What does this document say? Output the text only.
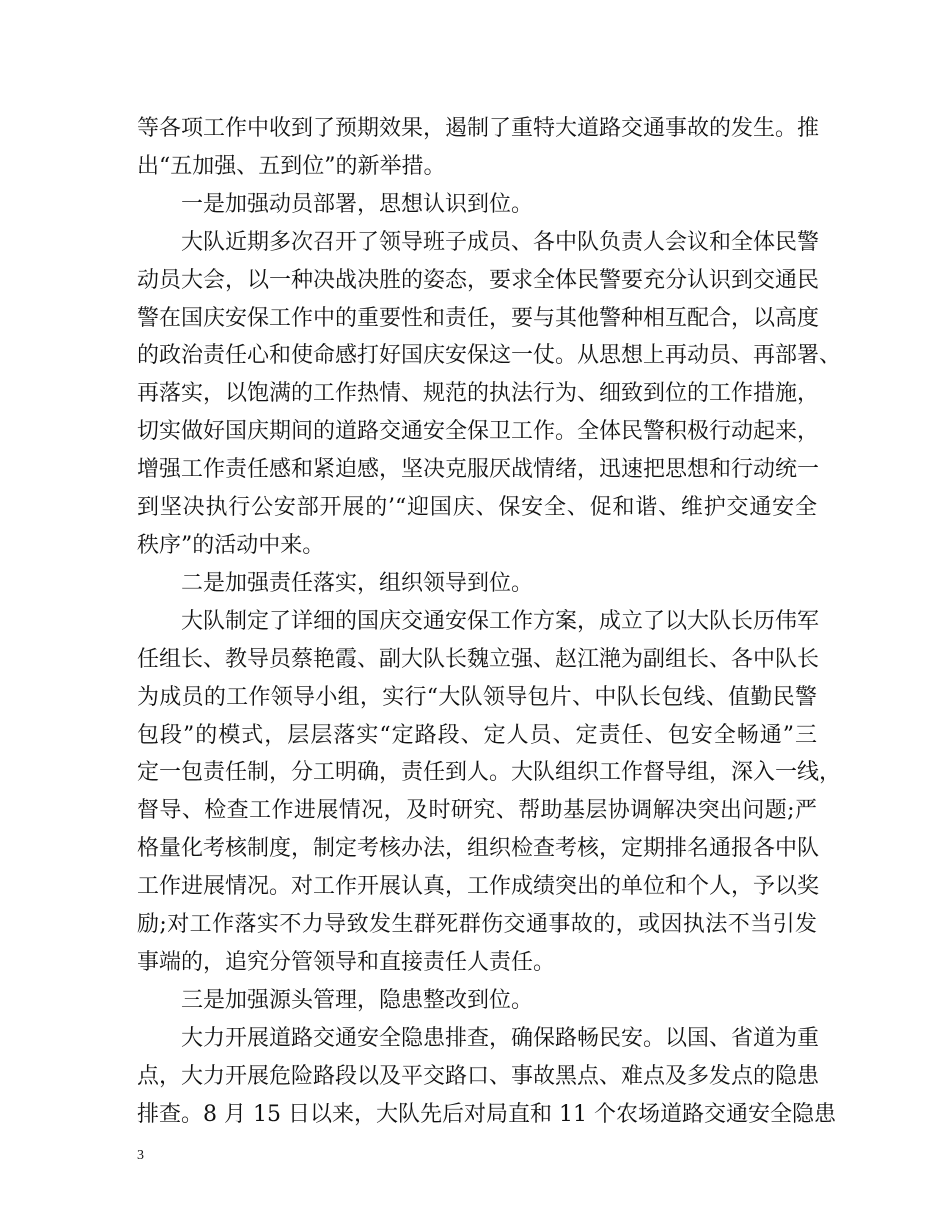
等各项工作中收到了预期效果，遏制了重特大道路交通事故的发生。推
出“五加强、五到位”的新举措。
一是加强动员部署，思想认识到位。
大队近期多次召开了领导班子成员、各中队负责人会议和全体民警
动员大会，以一种决战决胜的姿态，要求全体民警要充分认识到交通民
警在国庆安保工作中的重要性和责任，要与其他警种相互配合，以高度
的政治责任心和使命感打好国庆安保这一仗。从思想上再动员、再部署、
再落实，以饱满的工作热情、规范的执法行为、细致到位的工作措施，
切实做好国庆期间的道路交通安全保卫工作。全体民警积极行动起来，
增强工作责任感和紧迫感，坚决克服厌战情绪，迅速把思想和行动统一
到坚决执行公安部开展的’“迎国庆、保安全、促和谐、维护交通安全
秩序”的活动中来。
二是加强责任落实，组织领导到位。
大队制定了详细的国庆交通安保工作方案，成立了以大队长历伟军
任组长、教导员蔡艳霞、副大队长魏立强、赵江滟为副组长、各中队长
为成员的工作领导小组，实行“大队领导包片、中队长包线、值勤民警
包段”的模式，层层落实“定路段、定人员、定责任、包安全畅通”三
定一包责任制，分工明确，责任到人。大队组织工作督导组，深入一线，
督导、检查工作进展情况，及时研究、帮助基层协调解决突出问题;严
格量化考核制度，制定考核办法，组织检查考核，定期排名通报各中队
工作进展情况。对工作开展认真，工作成绩突出的单位和个人，予以奖
励;对工作落实不力导致发生群死群伤交通事故的，或因执法不当引发
事端的，追究分管领导和直接责任人责任。
三是加强源头管理，隐患整改到位。
大力开展道路交通安全隐患排查，确保路畅民安。以国、省道为重
点，大力开展危险路段以及平交路口、事故黑点、难点及多发点的隐患
排查。8 月 15 日以来，大队先后对局直和 11 个农场道路交通安全隐患
3
